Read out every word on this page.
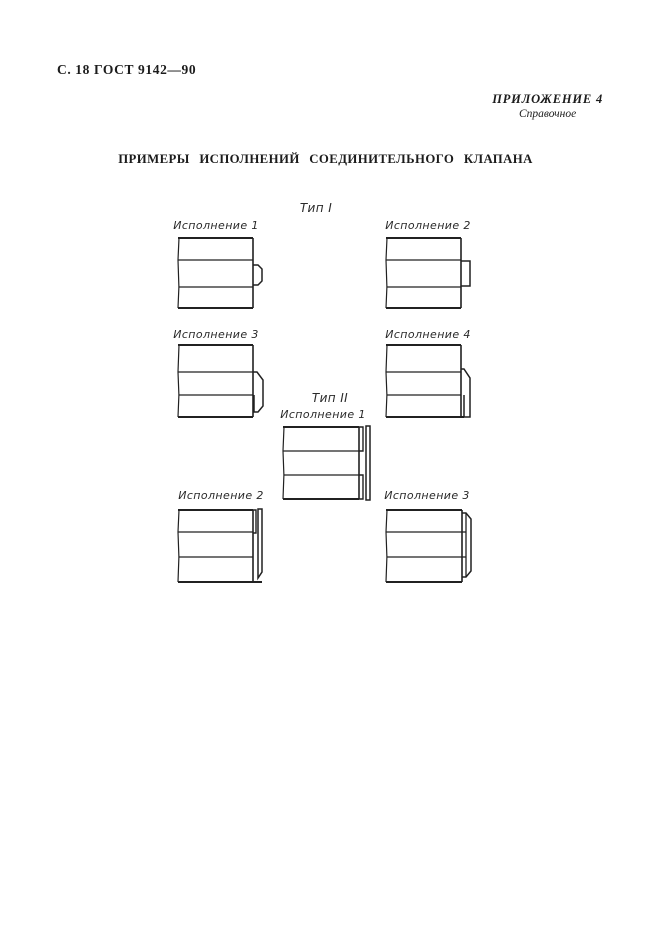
С. 18 ГОСТ 9142—90
ПРИЛОЖЕНИЕ 4
Справочное
ПРИМЕРЫ ИСПОЛНЕНИЙ СОЕДИНИТЕЛЬНОГО КЛАПАНА
Тип I
Исполнение 1	Исполнение 2
Исполнение 3	Исполнение 4
Тип II
Исполнение 1
Исполнение 2	Исполнение 3
